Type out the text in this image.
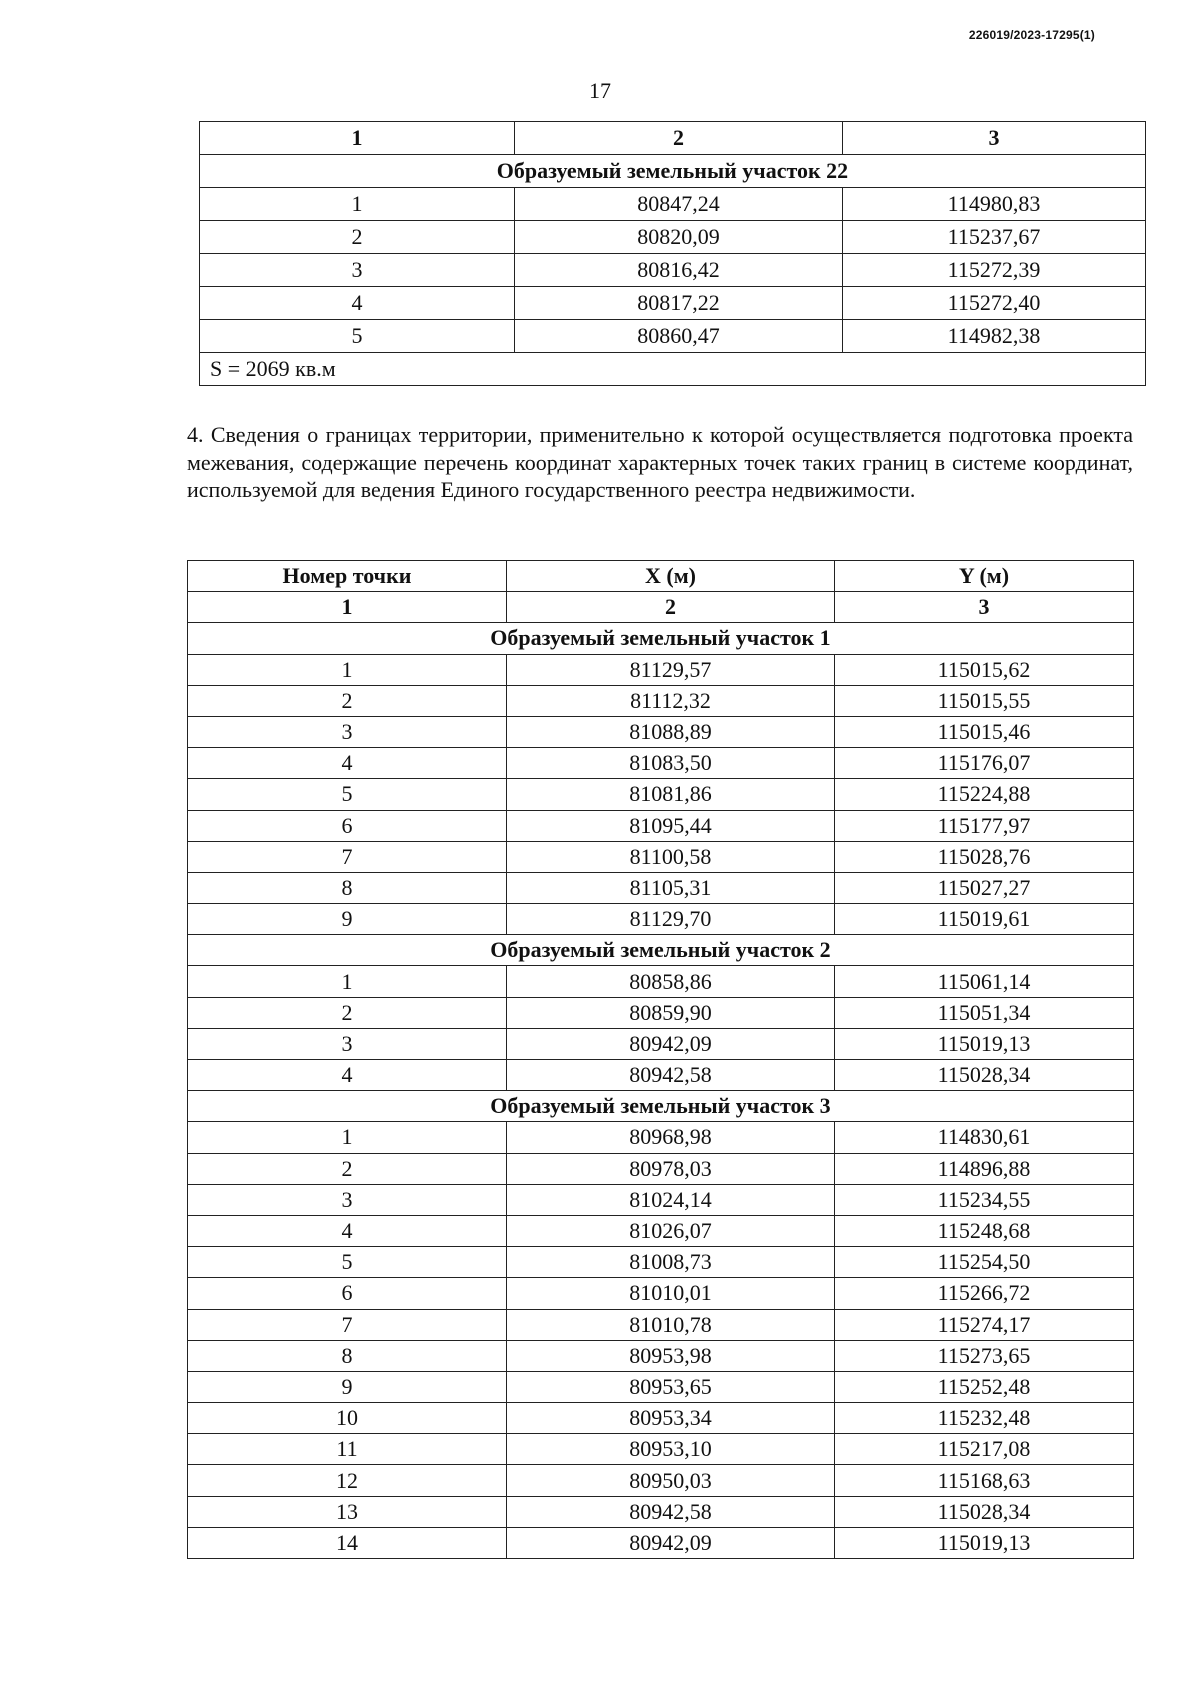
226019/2023-17295(1)
17
1	2	3
Образуемый земельный участок 22		
1	80847,24	114980,83
2	80820,09	115237,67
3	80816,42	115272,39
4	80817,22	115272,40
5	80860,47	114982,38
S = 2069 кв.м		

4. Сведения о границах территории, применительно к которой осуществляется подготовка проекта межевания, содержащие перечень координат характерных точек таких границ в системе координат, используемой для ведения Единого государственного реестра недвижимости.

Номер точки	X (м)	Y (м)
1	2	3
Образуемый земельный участок 1		
1	81129,57	115015,62
2	81112,32	115015,55
3	81088,89	115015,46
4	81083,50	115176,07
5	81081,86	115224,88
6	81095,44	115177,97
7	81100,58	115028,76
8	81105,31	115027,27
9	81129,70	115019,61
Образуемый земельный участок 2		
1	80858,86	115061,14
2	80859,90	115051,34
3	80942,09	115019,13
4	80942,58	115028,34
Образуемый земельный участок 3		
1	80968,98	114830,61
2	80978,03	114896,88
3	81024,14	115234,55
4	81026,07	115248,68
5	81008,73	115254,50
6	81010,01	115266,72
7	81010,78	115274,17
8	80953,98	115273,65
9	80953,65	115252,48
10	80953,34	115232,48
11	80953,10	115217,08
12	80950,03	115168,63
13	80942,58	115028,34
14	80942,09	115019,13
